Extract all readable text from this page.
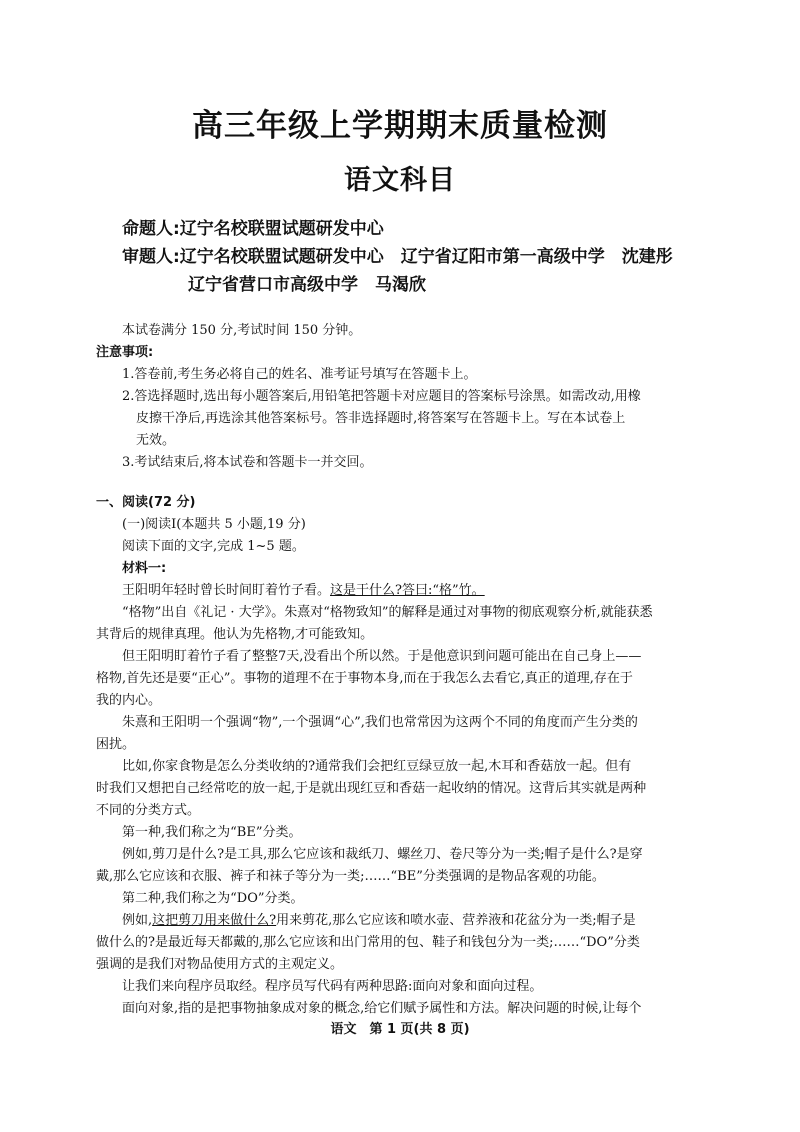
高三年级上学期期末质量检测
语文科目
命题人:辽宁名校联盟试题研发中心
审题人:辽宁名校联盟试题研发中心　辽宁省辽阳市第一高级中学　沈建彤
辽宁省营口市高级中学　马渴欣
本试卷满分 150 分,考试时间 150 分钟。
注意事项:
1.答卷前,考生务必将自己的姓名、准考证号填写在答题卡上。
2.答选择题时,选出每小题答案后,用铅笔把答题卡对应题目的答案标号涂黑。如需改动,用橡
皮擦干净后,再选涂其他答案标号。答非选择题时,将答案写在答题卡上。写在本试卷上
无效。
3.考试结束后,将本试卷和答题卡一并交回。
一、阅读(72 分)
(一)阅读Ⅰ(本题共 5 小题,19 分)
阅读下面的文字,完成 1~5 题。
材料一:
王阳明年轻时曾长时间盯着竹子看。这是干什么?答曰:“格”竹。
“格物”出自《礼记 · 大学》。朱熹对“格物致知”的解释是通过对事物的彻底观察分析,就能获悉
其背后的规律真理。他认为先格物,才可能致知。
但王阳明盯着竹子看了整整7天,没看出个所以然。于是他意识到问题可能出在自己身上——
格物,首先还是要“正心”。事物的道理不在于事物本身,而在于我怎么去看它,真正的道理,存在于
我的内心。
朱熹和王阳明一个强调“物”,一个强调“心”,我们也常常因为这两个不同的角度而产生分类的
困扰。
比如,你家食物是怎么分类收纳的?通常我们会把红豆绿豆放一起,木耳和香菇放一起。但有
时我们又想把自己经常吃的放一起,于是就出现红豆和香菇一起收纳的情况。这背后其实就是两种
不同的分类方式。
第一种,我们称之为“BE”分类。
例如,剪刀是什么?是工具,那么它应该和裁纸刀、螺丝刀、卷尺等分为一类;帽子是什么?是穿
戴,那么它应该和衣服、裤子和袜子等分为一类;……“BE”分类强调的是物品客观的功能。
第二种,我们称之为“DO”分类。
例如,这把剪刀用来做什么?用来剪花,那么它应该和喷水壶、营养液和花盆分为一类;帽子是
做什么的?是最近每天都戴的,那么它应该和出门常用的包、鞋子和钱包分为一类;……“DO”分类
强调的是我们对物品使用方式的主观定义。
让我们来向程序员取经。程序员写代码有两种思路:面向对象和面向过程。
面向对象,指的是把事物抽象成对象的概念,给它们赋予属性和方法。解决问题的时候,让每个
语文　第 1 页(共 8 页)
